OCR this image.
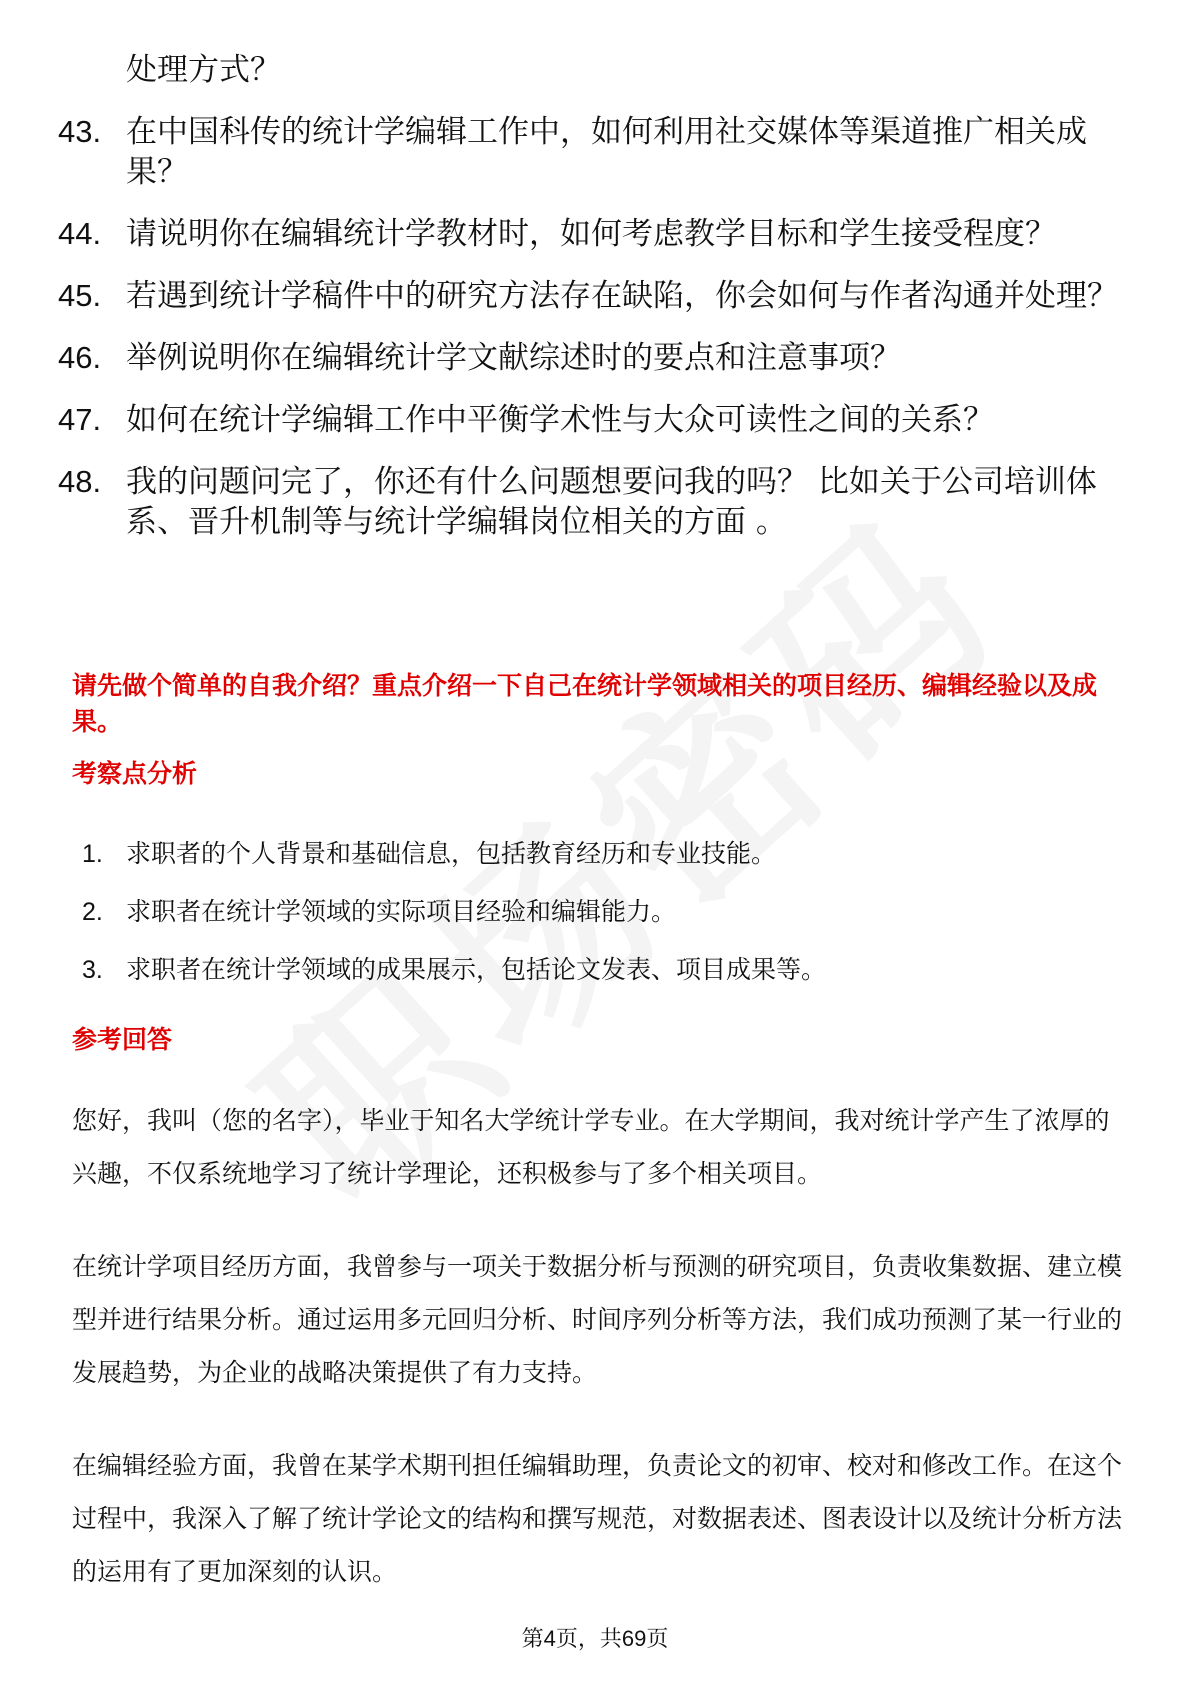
处理方式？
43. 在中国科传的统计学编辑工作中，如何利用社交媒体等渠道推广相关成果？
44. 请说明你在编辑统计学教材时，如何考虑教学目标和学生接受程度？
45. 若遇到统计学稿件中的研究方法存在缺陷，你会如何与作者沟通并处理？
46. 举例说明你在编辑统计学文献综述时的要点和注意事项？
47. 如何在统计学编辑工作中平衡学术性与大众可读性之间的关系？
48. 我的问题问完了，你还有什么问题想要问我的吗？ 比如关于公司培训体系、晋升机制等与统计学编辑岗位相关的方面 。
请先做个简单的自我介绍？重点介绍一下自己在统计学领域相关的项目经历、编辑经验以及成果。
考察点分析
1. 求职者的个人背景和基础信息，包括教育经历和专业技能。
2. 求职者在统计学领域的实际项目经验和编辑能力。
3. 求职者在统计学领域的成果展示，包括论文发表、项目成果等。
参考回答

您好，我叫（您的名字），毕业于知名大学统计学专业。在大学期间，我对统计学产生了浓厚的兴趣，不仅系统地学习了统计学理论，还积极参与了多个相关项目。

在统计学项目经历方面，我曾参与一项关于数据分析与预测的研究项目，负责收集数据、建立模型并进行结果分析。通过运用多元回归分析、时间序列分析等方法，我们成功预测了某一行业的发展趋势，为企业的战略决策提供了有力支持。

在编辑经验方面，我曾在某学术期刊担任编辑助理，负责论文的初审、校对和修改工作。在这个过程中，我深入了解了统计学论文的结构和撰写规范，对数据表述、图表设计以及统计分析方法的运用有了更加深刻的认识。

第4页，共69页
